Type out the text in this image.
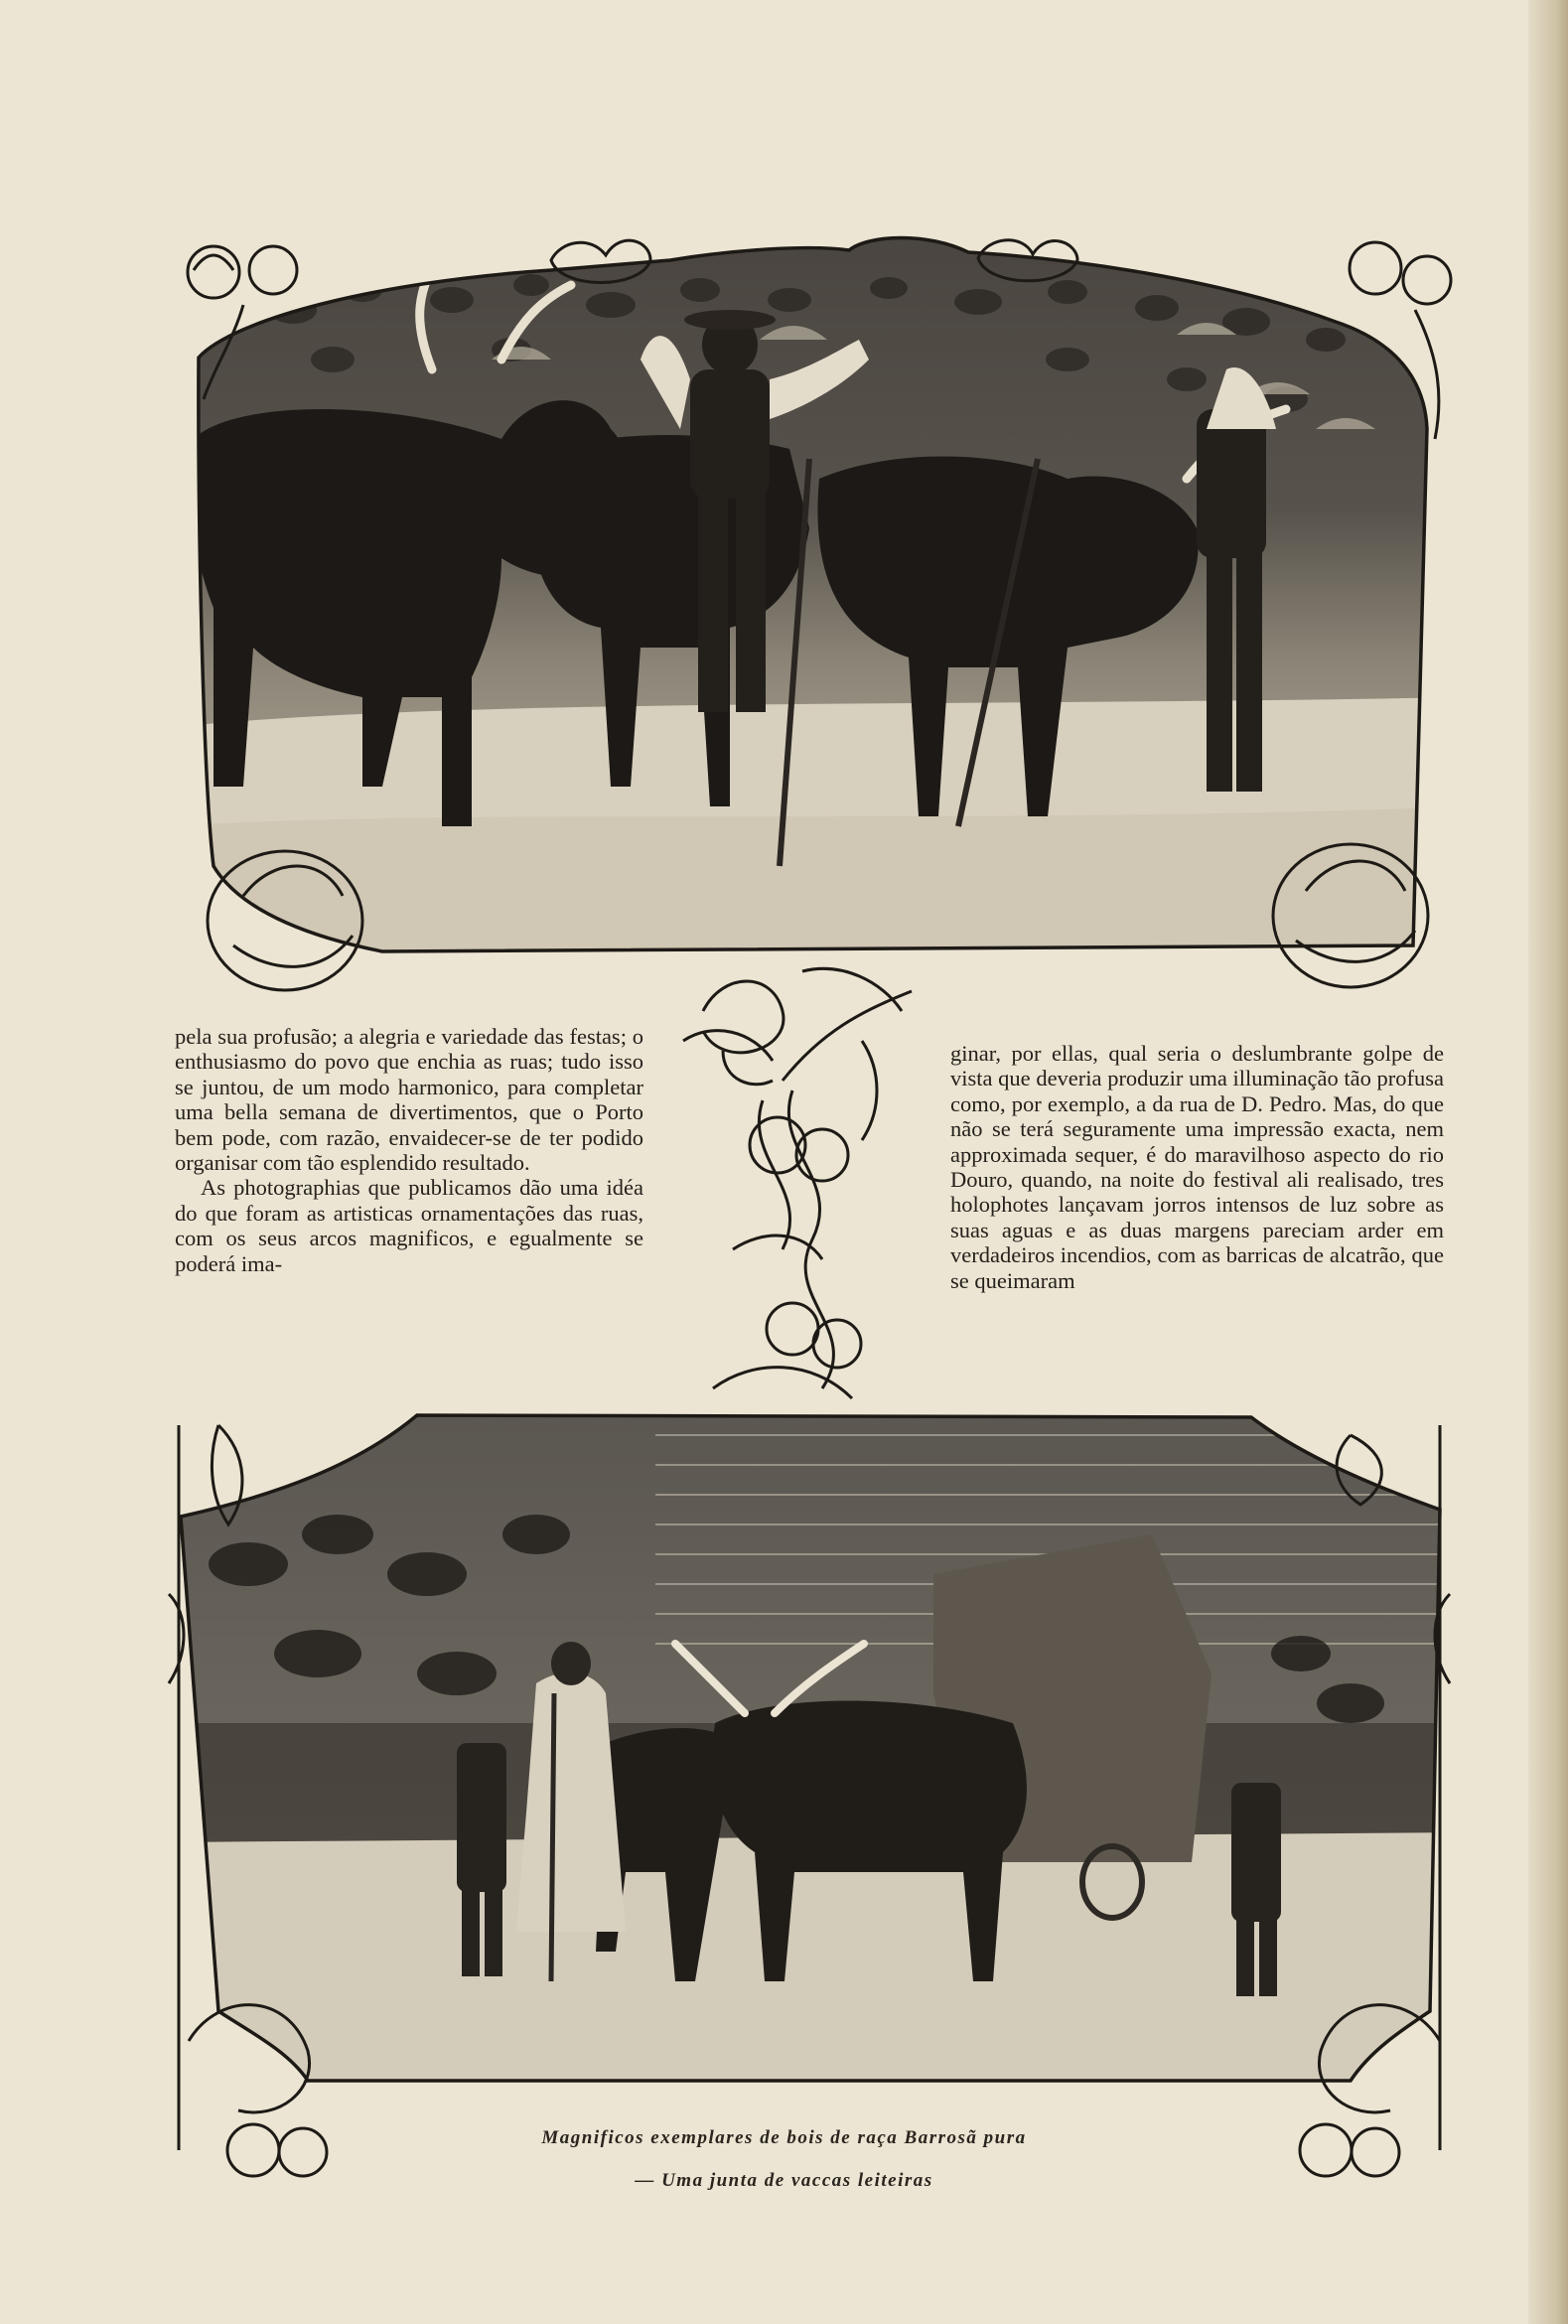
pela sua profusão; a alegria e variedade das festas; o enthusiasmo do povo que enchia as ruas; tudo isso se juntou, de um modo harmonico, para completar uma bella semana de divertimentos, que o Porto bem pode, com razão, envaidecer-se de ter podido organisar com tão esplendido resultado.

As photographias que publicamos dão uma idéa do que foram as artisticas ornamentações das ruas, com os seus arcos magnificos, e egualmente se poderá ima-

ginar, por ellas, qual seria o deslumbrante golpe de vista que deveria produzir uma illuminação tão profusa como, por exemplo, a da rua de D. Pedro. Mas, do que não se terá seguramente uma impressão exacta, nem approximada sequer, é do maravilhoso aspecto do rio Douro, quando, na noite do festival ali realisado, tres holophotes lançavam jorros intensos de luz sobre as suas aguas e as duas margens pareciam arder em verdadeiros incendios, com as barricas de alcatrão, que se queimaram

Magnificos exemplares de bois de raça Barrosã pura
— Uma junta de vaccas leiteiras
